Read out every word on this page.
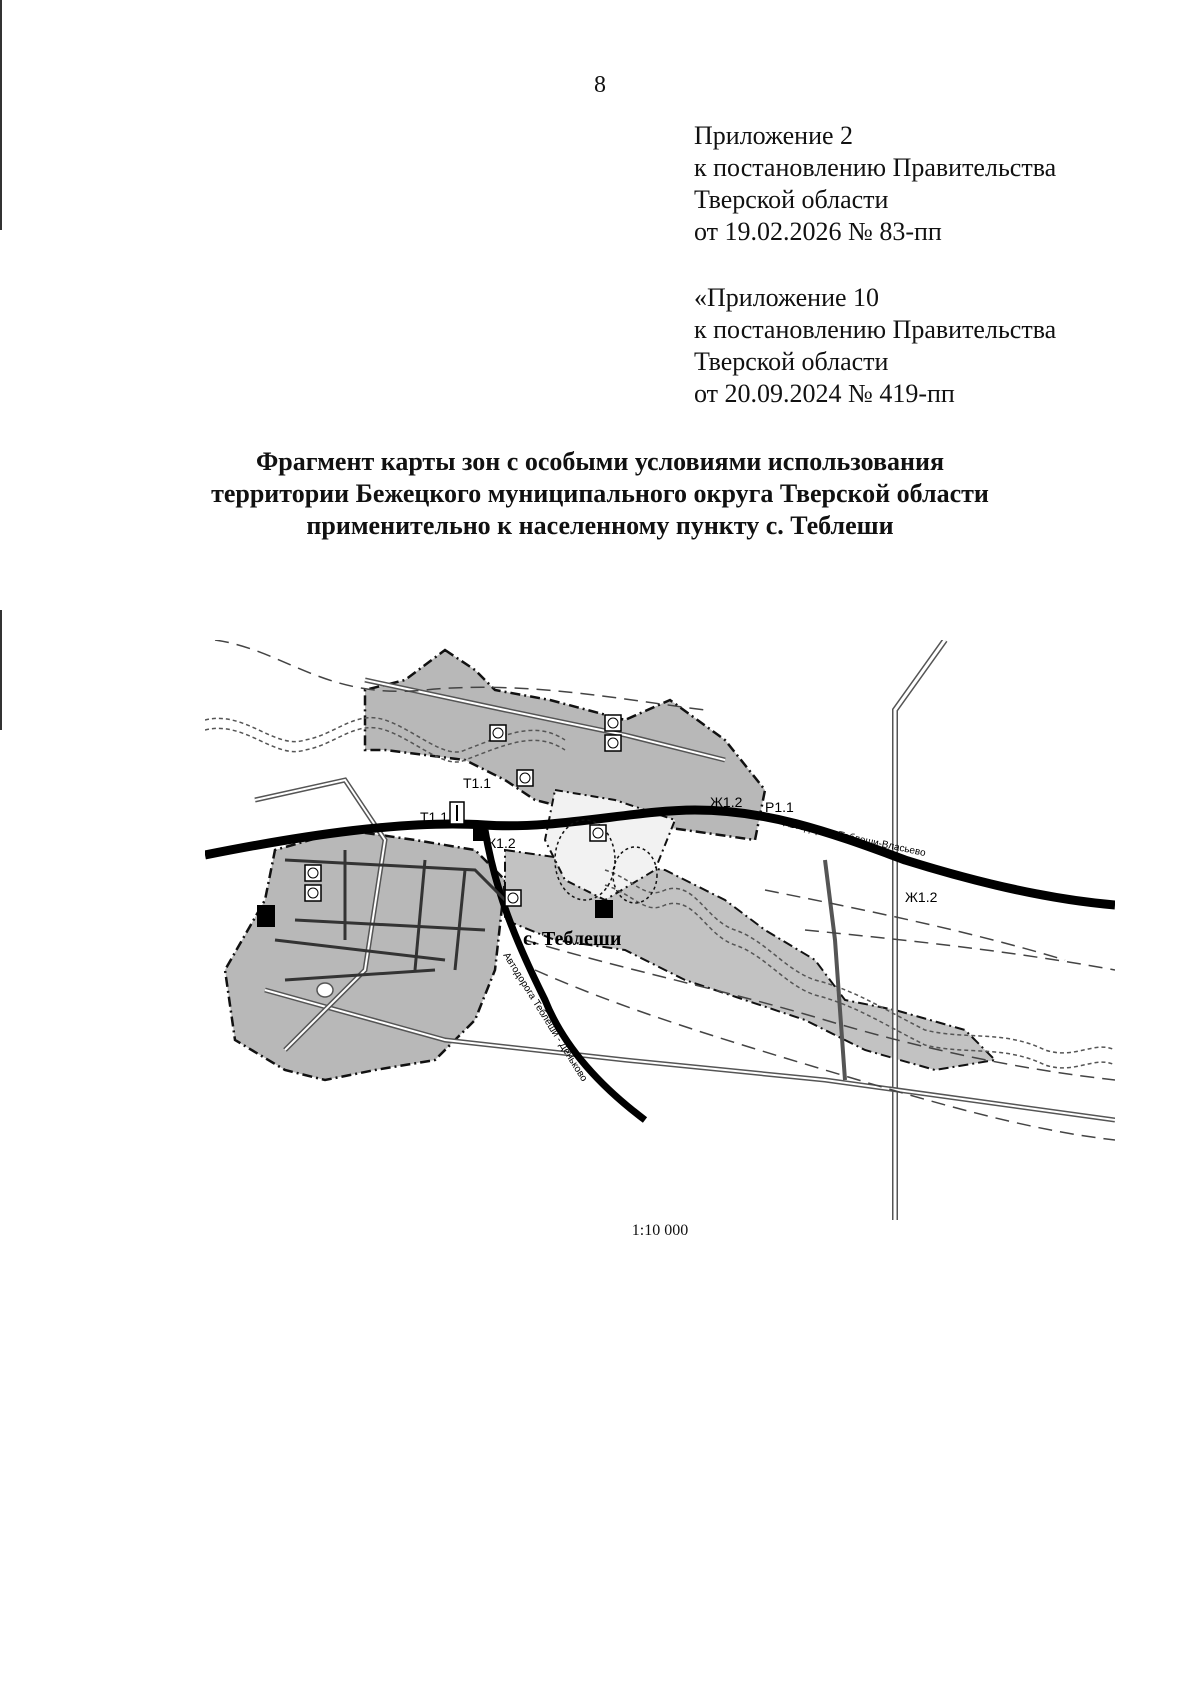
8
Приложение 2
к постановлению Правительства
Тверской области
от 19.02.2026 № 83-пп
«Приложение 10
к постановлению Правительства
Тверской области
от 20.09.2024 № 419-пп
Фрагмент карты зон с особыми условиями использования
территории Бежецкого муниципального округа Тверской области
применительно к населенному пункту с. Теблеши
Т1.1
Т1.1
К1.2
Ж1.2 Р1.1
Ж1.2
Автодорога Теблеши-Власьево
Автодорога Теблеши - Деньково
с. Теблеши
1:10 000
